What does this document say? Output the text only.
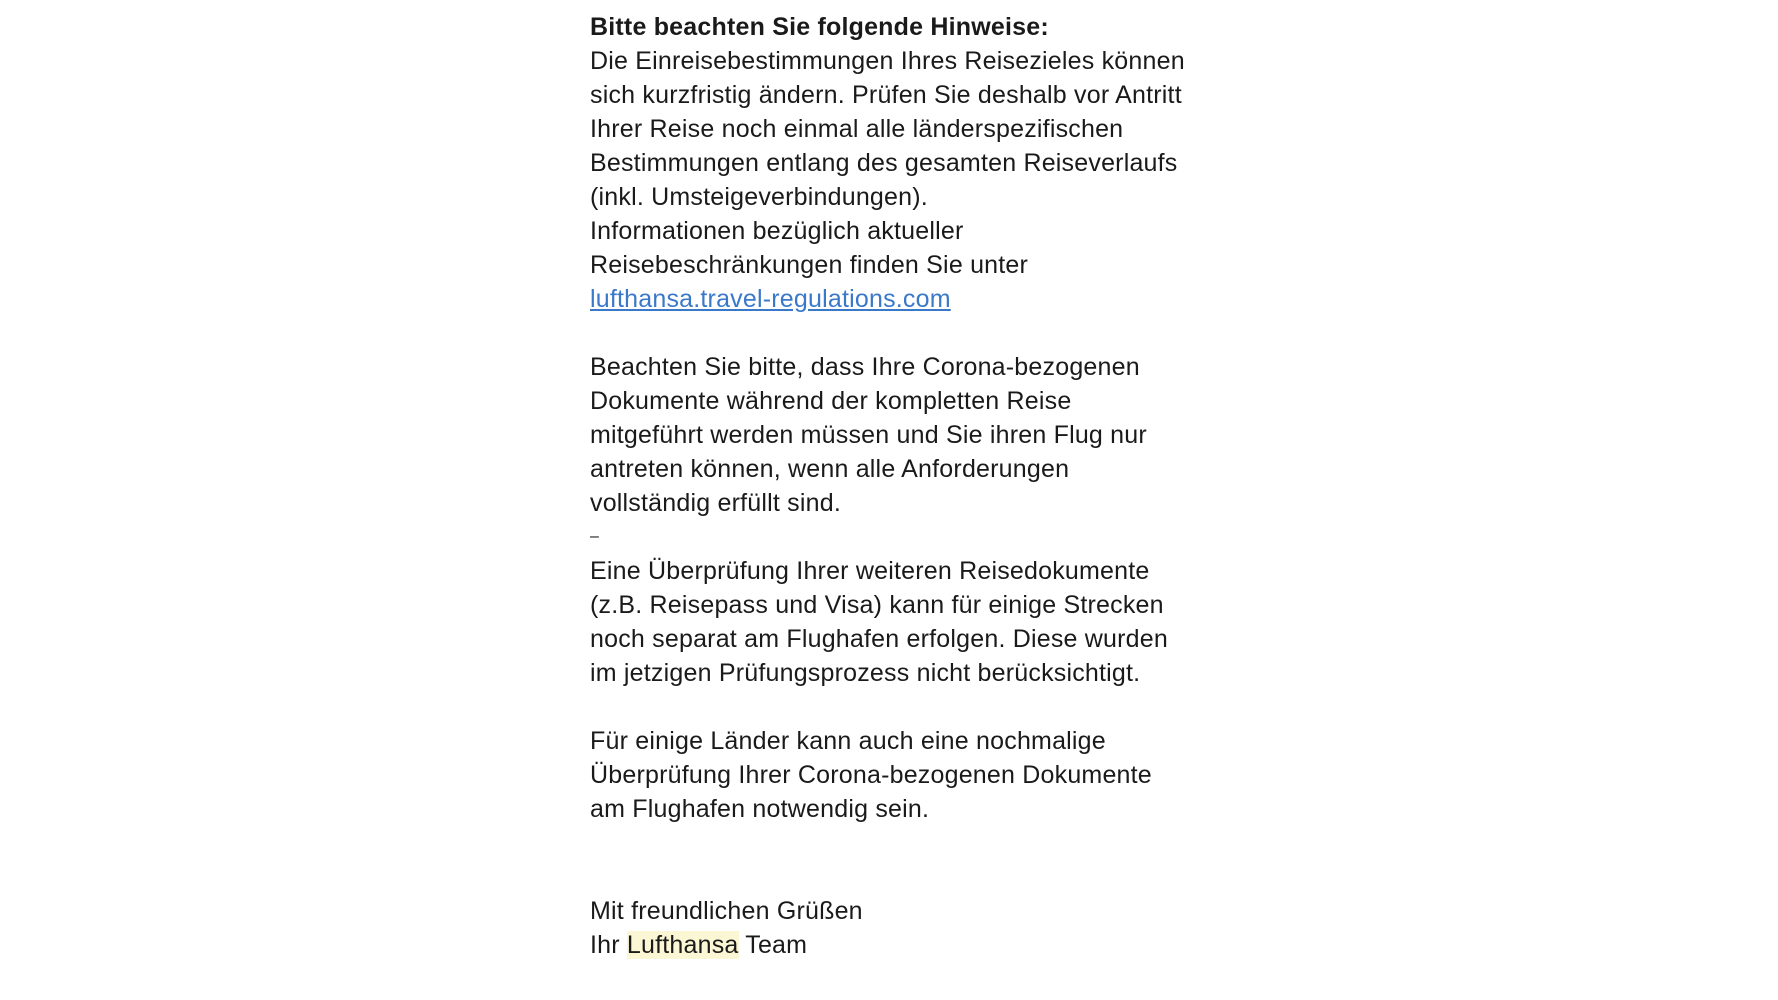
Bitte beachten Sie folgende Hinweise:
Die Einreisebestimmungen Ihres Reisezieles können
sich kurzfristig ändern. Prüfen Sie deshalb vor Antritt
Ihrer Reise noch einmal alle länderspezifischen
Bestimmungen entlang des gesamten Reiseverlaufs
(inkl. Umsteigeverbindungen).
Informationen bezüglich aktueller
Reisebeschränkungen finden Sie unter
lufthansa.travel-regulations.com
Beachten Sie bitte, dass Ihre Corona-bezogenen
Dokumente während der kompletten Reise
mitgeführt werden müssen und Sie ihren Flug nur
antreten können, wenn alle Anforderungen
vollständig erfüllt sind.
–
Eine Überprüfung Ihrer weiteren Reisedokumente
(z.B. Reisepass und Visa) kann für einige Strecken
noch separat am Flughafen erfolgen. Diese wurden
im jetzigen Prüfungsprozess nicht berücksichtigt.
Für einige Länder kann auch eine nochmalige
Überprüfung Ihrer Corona-bezogenen Dokumente
am Flughafen notwendig sein.
Mit freundlichen Grüßen
Ihr Lufthansa Team
